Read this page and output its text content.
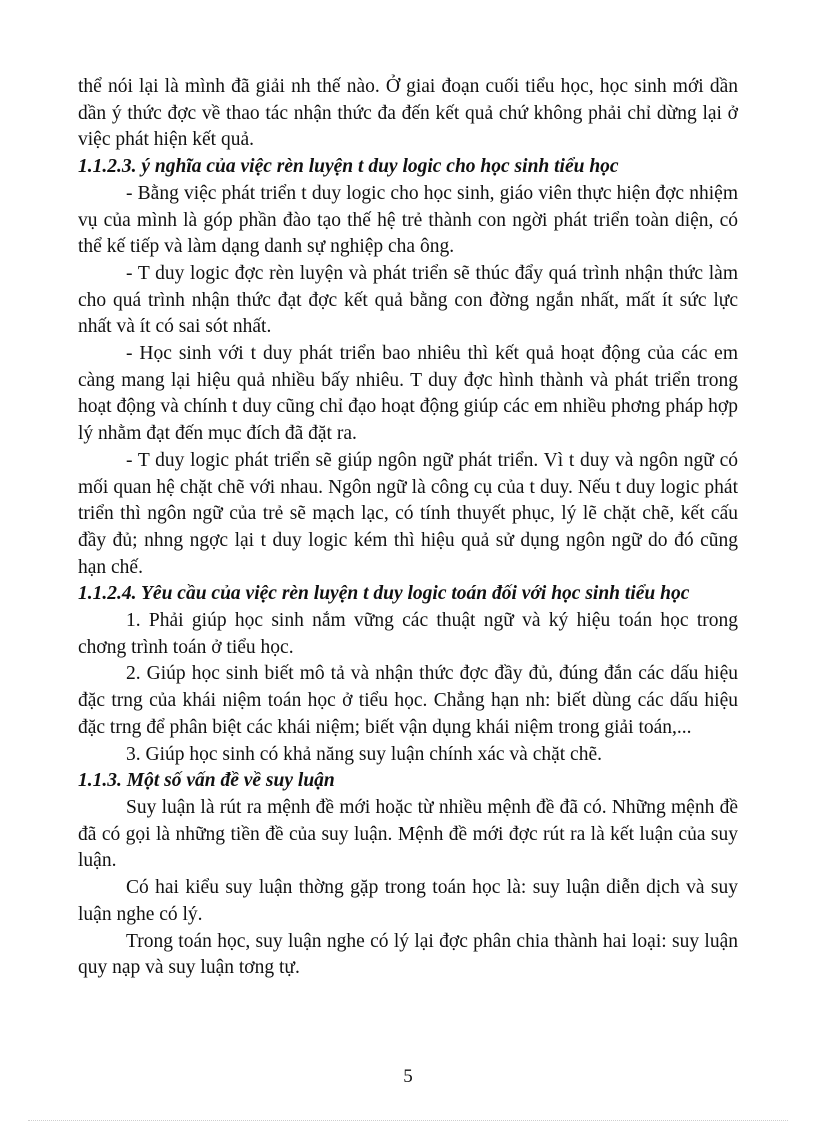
thể nói lại là mình đã giải nh thế nào. Ở giai đoạn cuối tiểu học, học sinh mới dần dần ý thức đợc về thao tác nhận thức đa đến kết quả chứ không phải chỉ dừng lại ở việc phát hiện kết quả.

1.1.2.3. ý nghĩa của việc rèn luyện t duy logic cho học sinh tiểu học

- Bằng việc phát triển t duy logic cho học sinh, giáo viên thực hiện đợc nhiệm vụ của mình là góp phần đào tạo thế hệ trẻ thành con ngời phát triển toàn diện, có thể kế tiếp và làm dạng danh sự nghiệp cha ông.

- T duy logic đợc rèn luyện và phát triển sẽ thúc đẩy quá trình nhận thức làm cho quá trình nhận thức đạt đợc kết quả bằng con đờng ngắn nhất, mất ít sức lực nhất và ít có sai sót nhất.

- Học sinh với t duy phát triển bao nhiêu thì kết quả hoạt động của các em càng mang lại hiệu quả nhiều bấy nhiêu. T duy đợc hình thành và phát triển trong hoạt động và chính t duy cũng chỉ đạo hoạt động giúp các em nhiều phơng pháp hợp lý nhằm đạt đến mục đích đã đặt ra.

- T duy logic phát triển sẽ giúp ngôn ngữ phát triển. Vì t duy và ngôn ngữ có mối quan hệ chặt chẽ với nhau. Ngôn ngữ là công cụ của t duy. Nếu t duy logic phát triển thì ngôn ngữ của trẻ sẽ mạch lạc, có tính thuyết phục, lý lẽ chặt chẽ, kết cấu đầy đủ; nhng ngợc lại t duy logic kém thì hiệu quả sử dụng ngôn ngữ do đó cũng hạn chế.

1.1.2.4. Yêu cầu của việc rèn luyện t duy logic toán đối với học sinh tiểu học

1. Phải giúp học sinh nắm vững các thuật ngữ và ký hiệu toán học trong chơng trình toán ở tiểu học.

2. Giúp học sinh biết mô tả và nhận thức đợc đầy đủ, đúng đắn các dấu hiệu đặc trng của khái niệm toán học ở tiểu học. Chẳng hạn nh: biết dùng các dấu hiệu đặc trng để phân biệt các khái niệm; biết vận dụng khái niệm trong giải toán,...

3. Giúp học sinh có khả năng suy luận chính xác và chặt chẽ.

1.1.3. Một số vấn đề về suy luận

Suy luận là rút ra mệnh đề mới hoặc từ nhiều mệnh đề đã có. Những mệnh đề đã có gọi là những tiền đề của suy luận. Mệnh đề mới đợc rút ra là kết luận của suy luận.

Có hai kiểu suy luận thờng gặp trong toán học là: suy luận diễn dịch và suy luận nghe có lý.

Trong toán học, suy luận nghe có lý lại đợc phân chia thành hai loại: suy luận quy nạp và suy luận tơng tự.

5
